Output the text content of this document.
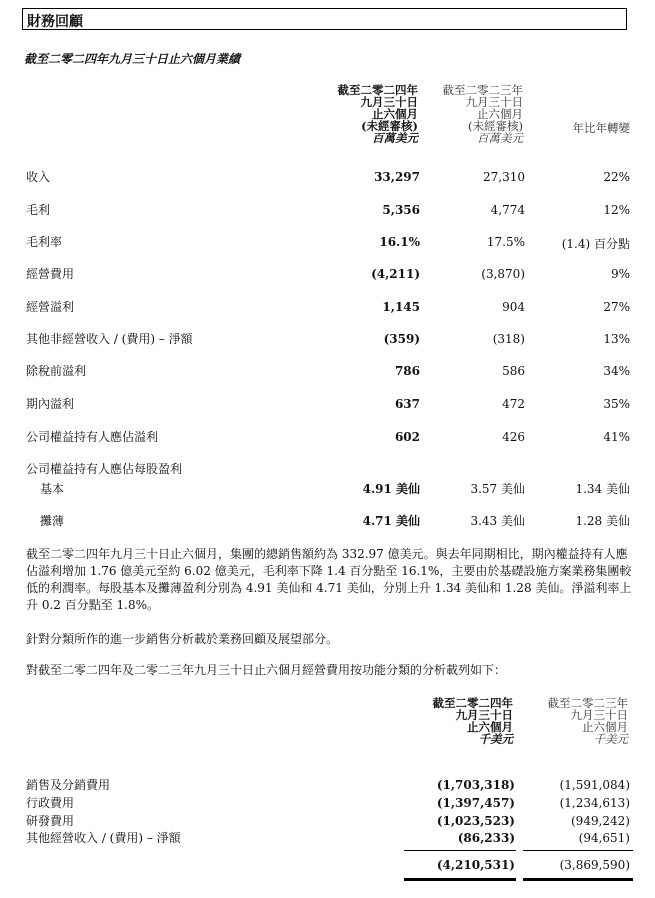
財務回顧
截至二零二四年九月三十日止六個月業績
截至二零二四年
九月三十日
止六個月
(未經審核)
百萬美元
截至二零二三年
九月三十日
止六個月
(未經審核)
百萬美元
年比年轉變
收入	33,297	27,310	22%
毛利	5,356	4,774	12%
毛利率	16.1%	17.5%	(1.4) 百分點
經營費用	(4,211)	(3,870)	9%
經營溢利	1,145	904	27%
其他非經營收入 / (費用) – 淨額	(359)	(318)	13%
除稅前溢利	786	586	34%
期內溢利	637	472	35%
公司權益持有人應佔溢利	602	426	41%
公司權益持有人應佔每股盈利
基本	4.91 美仙	3.57 美仙	1.34 美仙
攤薄	4.71 美仙	3.43 美仙	1.28 美仙
截至二零二四年九月三十日止六個月，集團的總銷售額約為 332.97 億美元。與去年同期相比，期內權益持有人應佔溢利增加 1.76 億美元至約 6.02 億美元，毛利率下降 1.4 百分點至 16.1%，主要由於基礎設施方案業務集團較低的利潤率。每股基本及攤薄盈利分別為 4.91 美仙和 4.71 美仙，分別上升 1.34 美仙和 1.28 美仙。淨溢利率上升 0.2 百分點至 1.8%。
針對分類所作的進一步銷售分析載於業務回顧及展望部分。
對截至二零二四年及二零二三年九月三十日止六個月經營費用按功能分類的分析載列如下：
截至二零二四年
九月三十日
止六個月
千美元
截至二零二三年
九月三十日
止六個月
千美元
銷售及分銷費用	(1,703,318)	(1,591,084)
行政費用	(1,397,457)	(1,234,613)
研發費用	(1,023,523)	(949,242)
其他經營收入 / (費用) – 淨額	(86,233)	(94,651)
(4,210,531)	(3,869,590)
